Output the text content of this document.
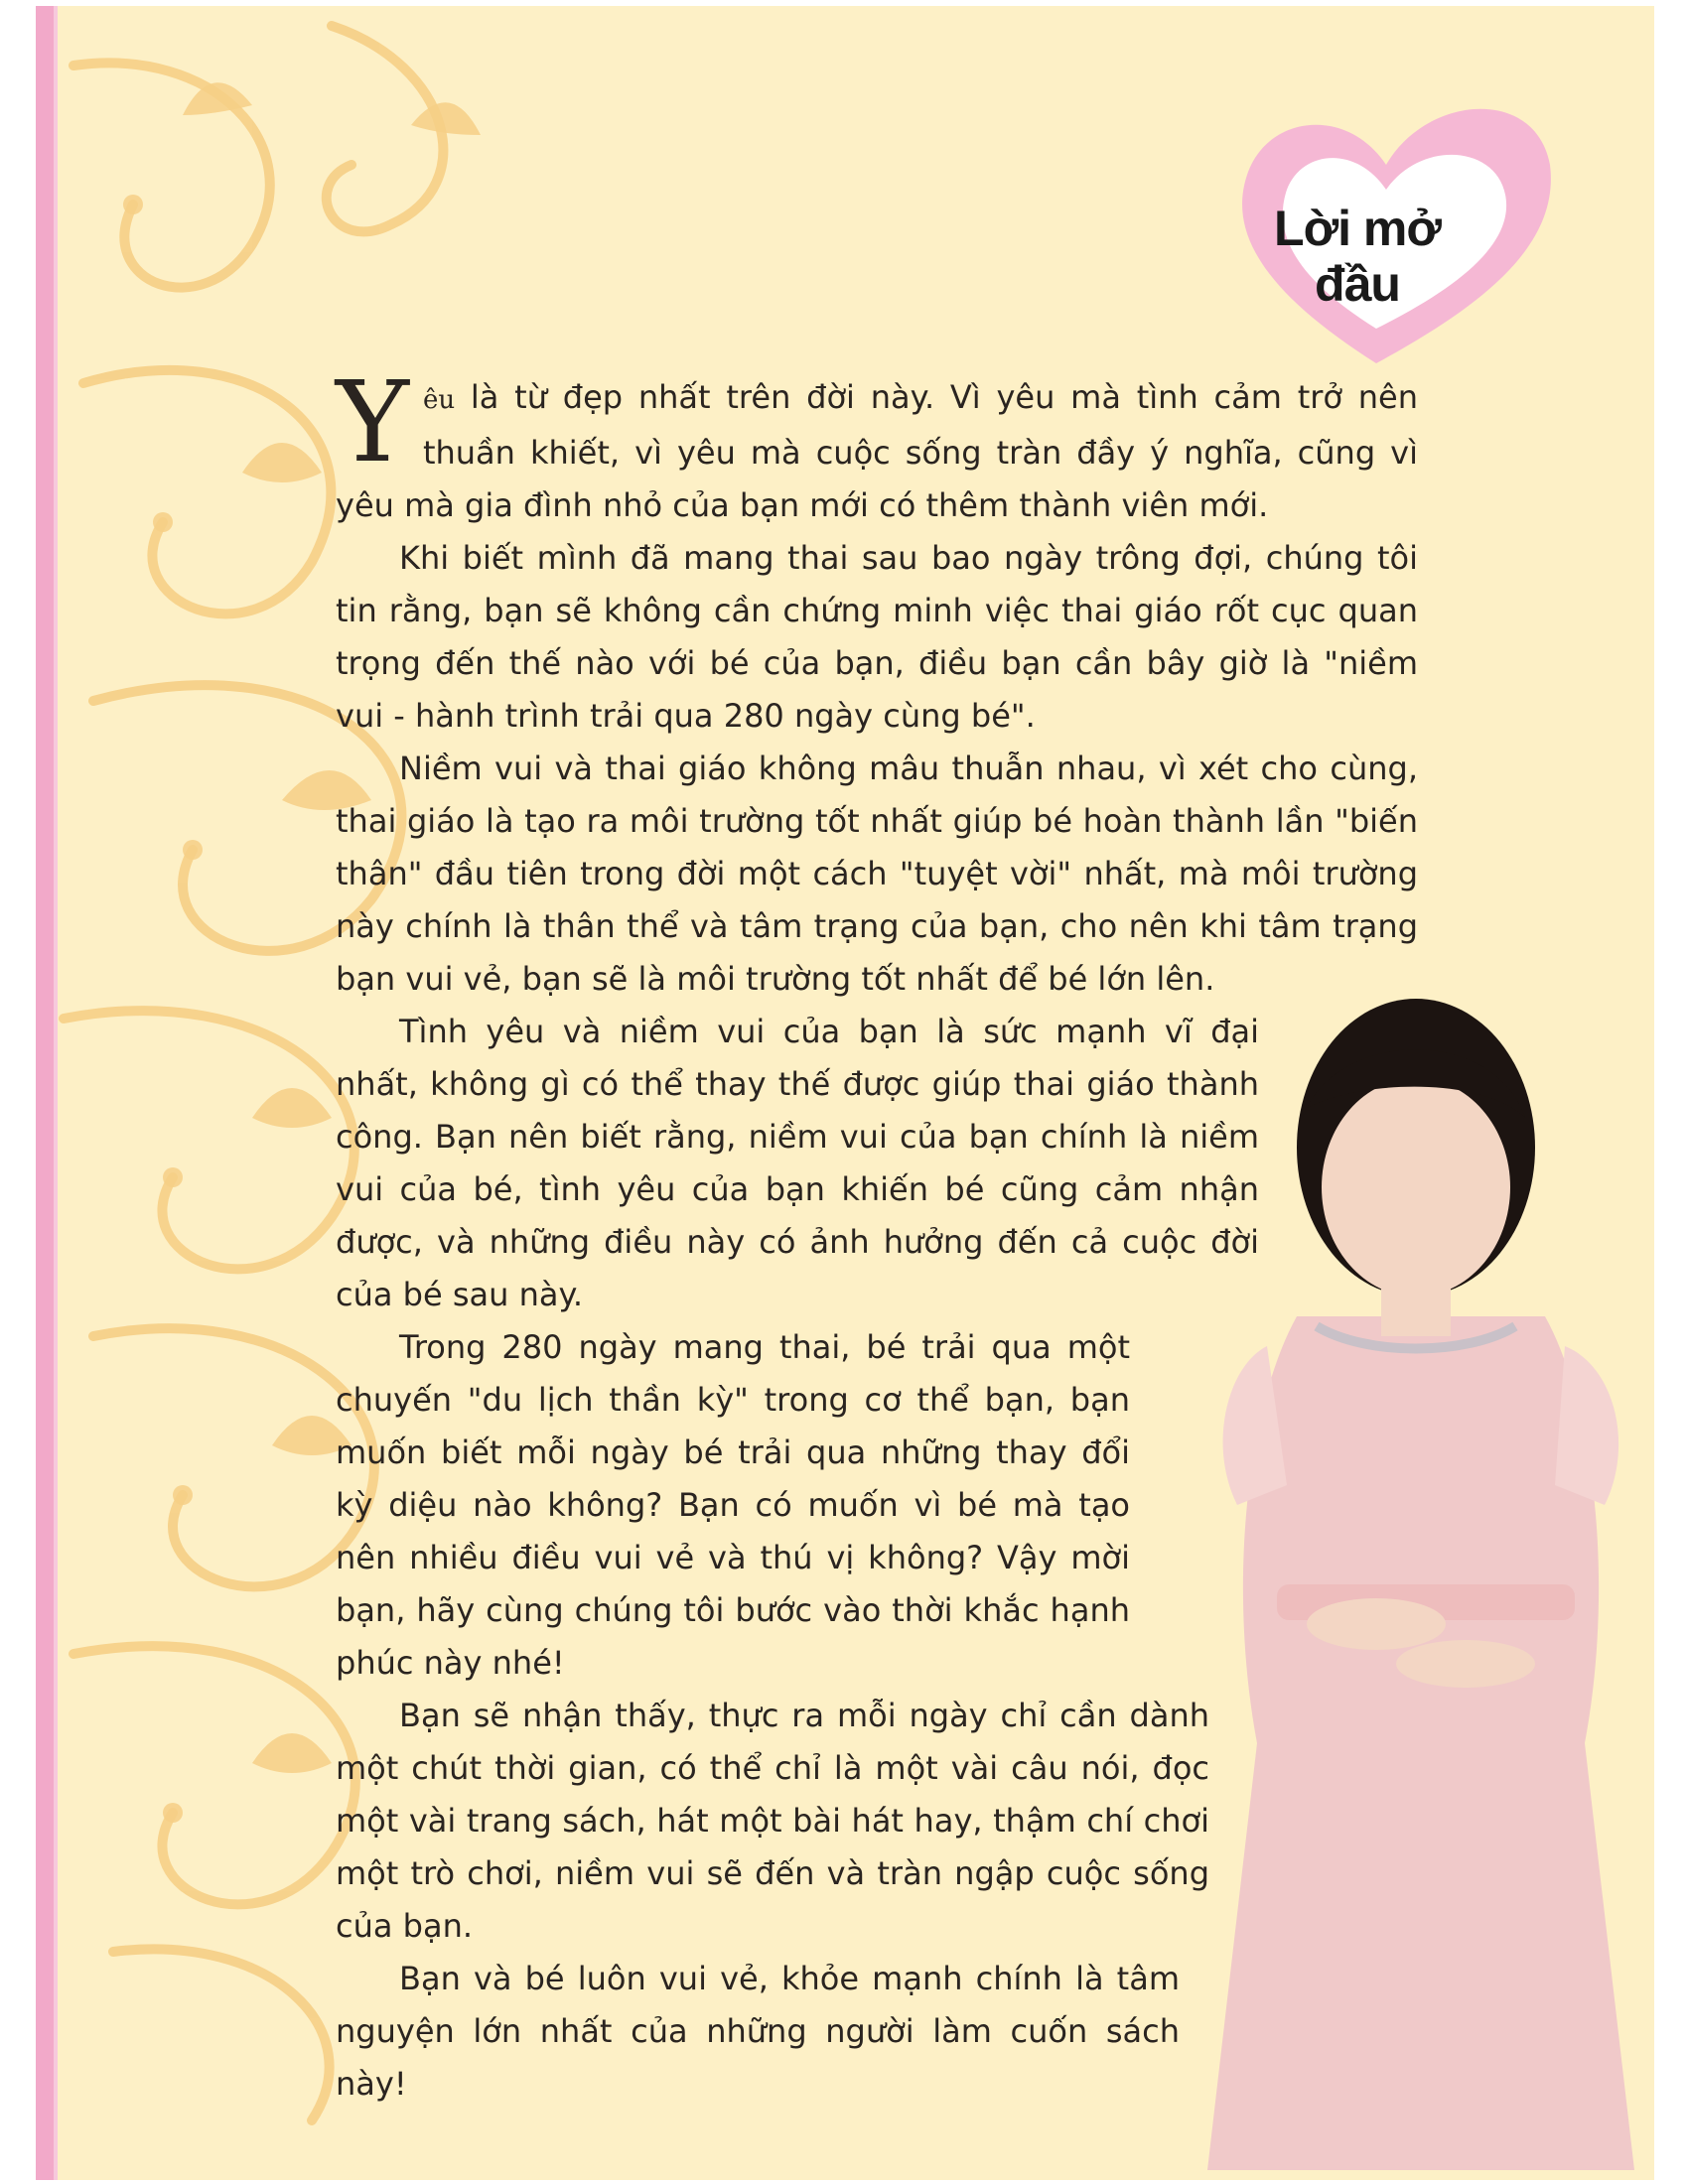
Lời mở
đầu

Yêu là từ đẹp nhất trên đời này. Vì yêu mà tình cảm trở nên thuần khiết, vì yêu mà cuộc sống tràn đầy ý nghĩa, cũng vì yêu mà gia đình nhỏ của bạn mới có thêm thành viên mới.

Khi biết mình đã mang thai sau bao ngày trông đợi, chúng tôi tin rằng, bạn sẽ không cần chứng minh việc thai giáo rốt cục quan trọng đến thế nào với bé của bạn, điều bạn cần bây giờ là "niềm vui - hành trình trải qua 280 ngày cùng bé".

Niềm vui và thai giáo không mâu thuẫn nhau, vì xét cho cùng, thai giáo là tạo ra môi trường tốt nhất giúp bé hoàn thành lần "biến thân" đầu tiên trong đời một cách "tuyệt vời" nhất, mà môi trường này chính là thân thể và tâm trạng của bạn, cho nên khi tâm trạng bạn vui vẻ, bạn sẽ là môi trường tốt nhất để bé lớn lên.

Tình yêu và niềm vui của bạn là sức mạnh vĩ đại nhất, không gì có thể thay thế được giúp thai giáo thành công. Bạn nên biết rằng, niềm vui của bạn chính là niềm vui của bé, tình yêu của bạn khiến bé cũng cảm nhận được, và những điều này có ảnh hưởng đến cả cuộc đời của bé sau này.

Trong 280 ngày mang thai, bé trải qua một chuyến "du lịch thần kỳ" trong cơ thể bạn, bạn muốn biết mỗi ngày bé trải qua những thay đổi kỳ diệu nào không? Bạn có muốn vì bé mà tạo nên nhiều điều vui vẻ và thú vị không? Vậy mời bạn, hãy cùng chúng tôi bước vào thời khắc hạnh phúc này nhé!

Bạn sẽ nhận thấy, thực ra mỗi ngày chỉ cần dành một chút thời gian, có thể chỉ là một vài câu nói, đọc một vài trang sách, hát một bài hát hay, thậm chí chơi một trò chơi, niềm vui sẽ đến và tràn ngập cuộc sống của bạn.

Bạn và bé luôn vui vẻ, khỏe mạnh chính là tâm nguyện lớn nhất của những người làm cuốn sách này!
